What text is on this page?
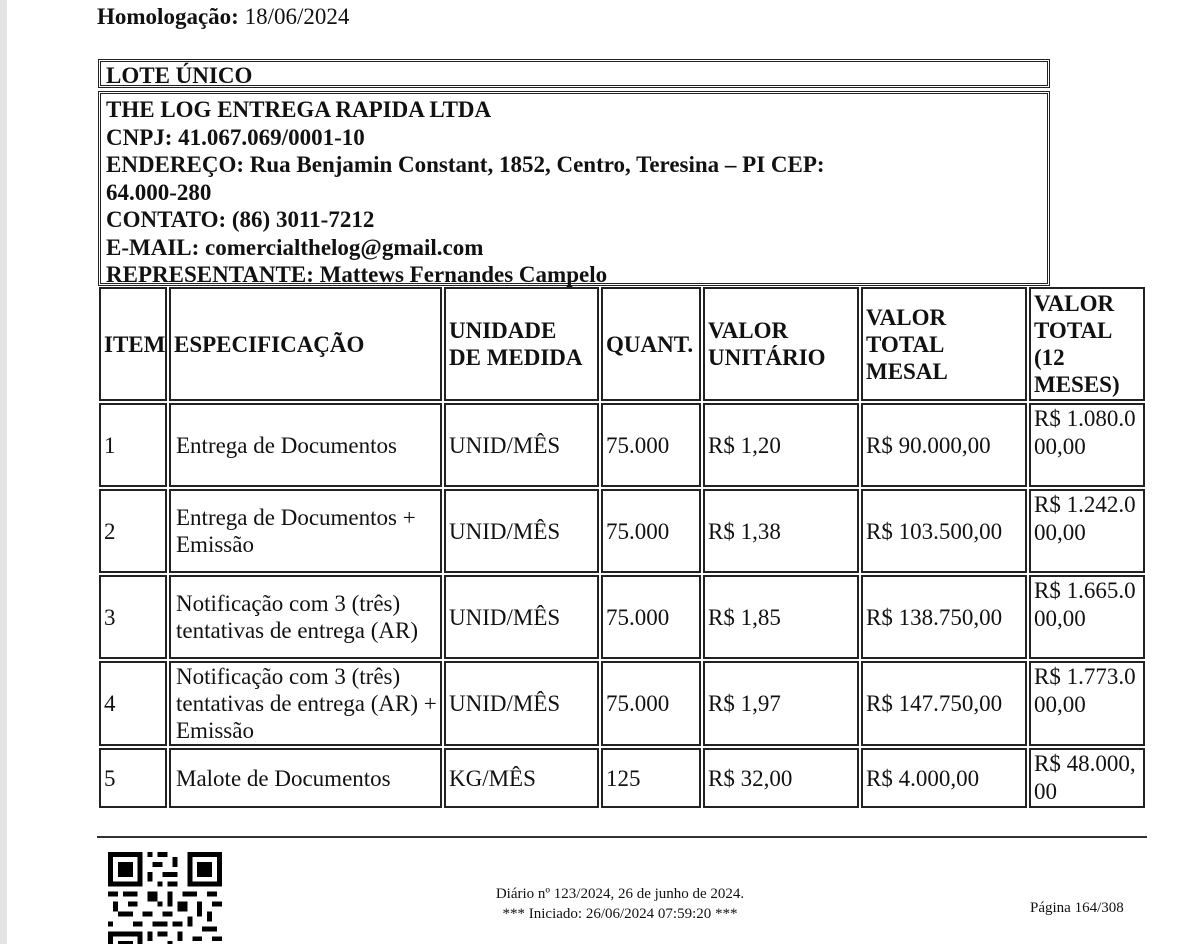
Homologação: 18/06/2024
LOTE ÚNICO
THE LOG ENTREGA RAPIDA LTDA
CNPJ: 41.067.069/0001-10
ENDEREÇO: Rua Benjamin Constant, 1852, Centro, Teresina – PI CEP:
64.000-280
CONTATO: (86) 3011-7212
E-MAIL: comercialthelog@gmail.com
REPRESENTANTE: Mattews Fernandes Campelo
ITEM	ESPECIFICAÇÃO	UNIDADE DE MEDIDA	QUANT.	VALOR UNITÁRIO	VALOR TOTAL MESAL	VALOR TOTAL (12 MESES)
1	Entrega de Documentos	UNID/MÊS	75.000	R$ 1,20	R$ 90.000,00	R$ 1.080.000,00
2	Entrega de Documentos + Emissão	UNID/MÊS	75.000	R$ 1,38	R$ 103.500,00	R$ 1.242.000,00
3	Notificação com 3 (três) tentativas de entrega (AR)	UNID/MÊS	75.000	R$ 1,85	R$ 138.750,00	R$ 1.665.000,00
4	Notificação com 3 (três) tentativas de entrega (AR) + Emissão	UNID/MÊS	75.000	R$ 1,97	R$ 147.750,00	R$ 1.773.000,00
5	Malote de Documentos	KG/MÊS	125	R$ 32,00	R$ 4.000,00	R$ 48.000,00
Diário nº 123/2024, 26 de junho de 2024.
*** Iniciado: 26/06/2024 07:59:20 ***	Página 164/308
